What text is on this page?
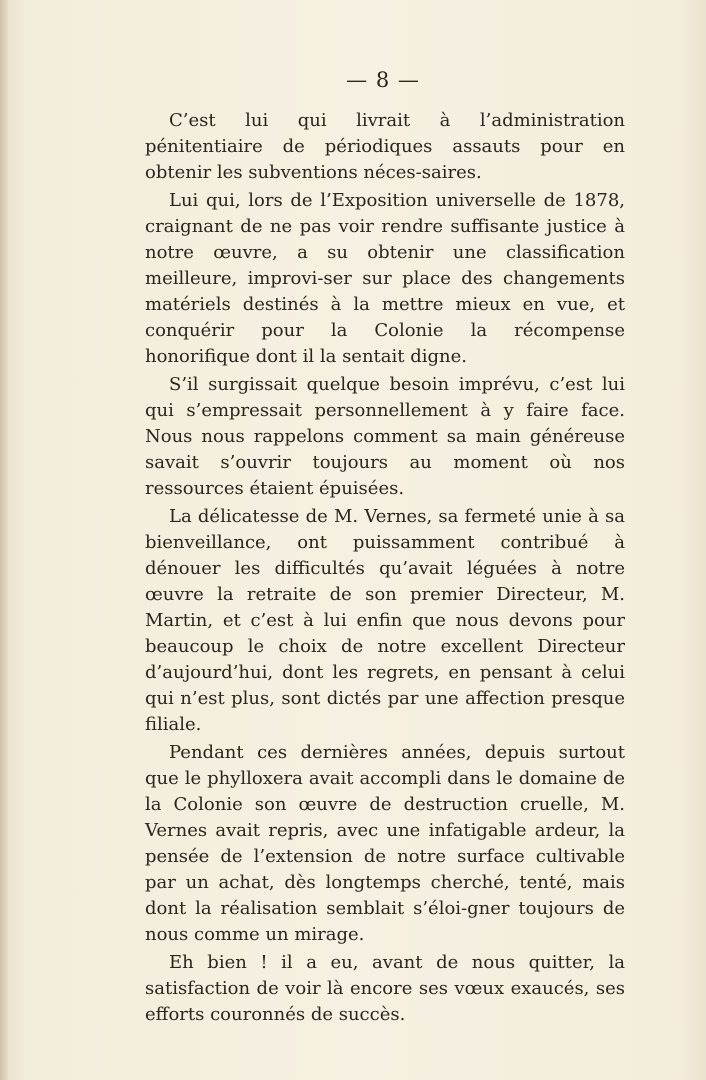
— 8 —

C’est lui qui livrait à l’administration pénitentiaire de périodiques assauts pour en obtenir les subventions néces-saires.

Lui qui, lors de l’Exposition universelle de 1878, craignant de ne pas voir rendre suffisante justice à notre œuvre, a su obtenir une classification meilleure, improvi-ser sur place des changements matériels destinés à la mettre mieux en vue, et conquérir pour la Colonie la récompense honorifique dont il la sentait digne.

S’il surgissait quelque besoin imprévu, c’est lui qui s’empressait personnellement à y faire face. Nous nous rappelons comment sa main généreuse savait s’ouvrir toujours au moment où nos ressources étaient épuisées.

La délicatesse de M. Vernes, sa fermeté unie à sa bienveillance, ont puissamment contribué à dénouer les difficultés qu’avait léguées à notre œuvre la retraite de son premier Directeur, M. Martin, et c’est à lui enfin que nous devons pour beaucoup le choix de notre excellent Directeur d’aujourd’hui, dont les regrets, en pensant à celui qui n’est plus, sont dictés par une affection presque filiale.

Pendant ces dernières années, depuis surtout que le phylloxera avait accompli dans le domaine de la Colonie son œuvre de destruction cruelle, M. Vernes avait repris, avec une infatigable ardeur, la pensée de l’extension de notre surface cultivable par un achat, dès longtemps cherché, tenté, mais dont la réalisation semblait s’éloi-gner toujours de nous comme un mirage.

Eh bien ! il a eu, avant de nous quitter, la satisfaction de voir là encore ses vœux exaucés, ses efforts couronnés de succès.
